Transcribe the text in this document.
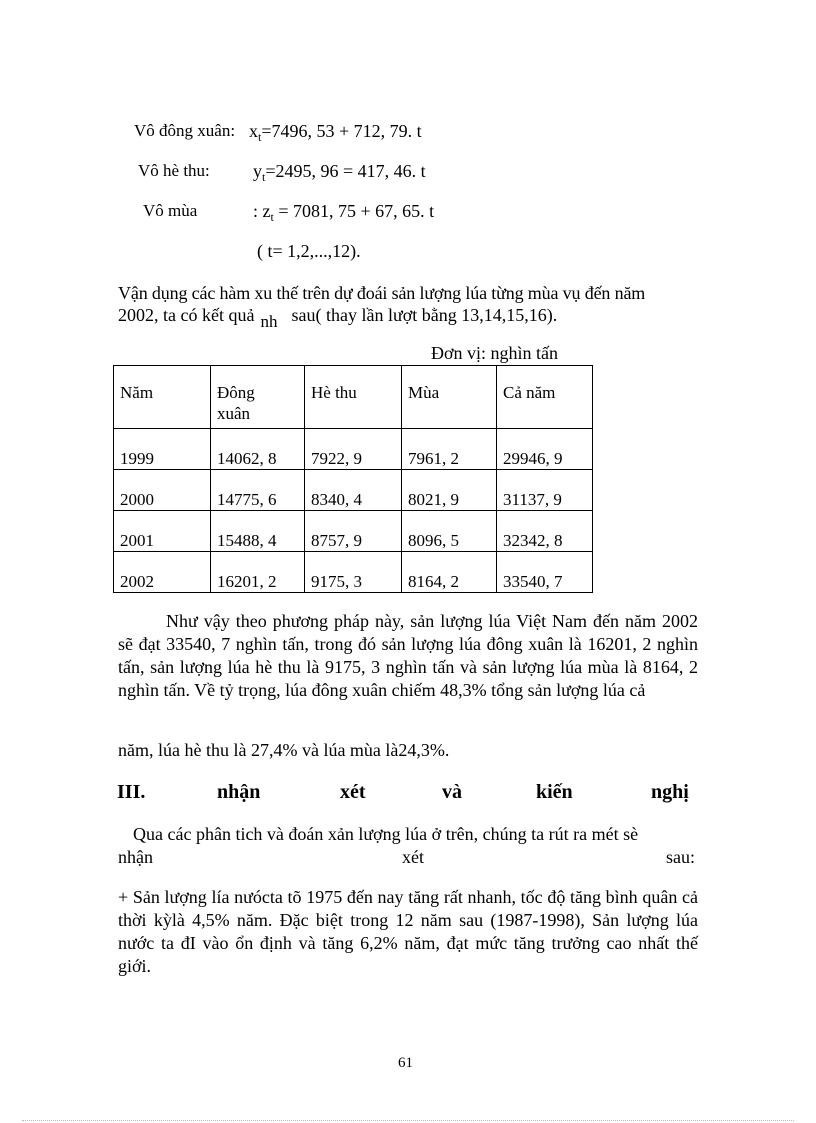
Vô đông xuân: $x_t=7496$, 53 + 712, 79. t
Vô hè thu: $y_t=2495$, 96 = 417, 46. t
Vô mùa	: $z_t = 7081$, 75 + 67, 65. t
( t= 1,2,...,12).
Vận dụng các hàm xu thế trên dự đoái sản lượng lúa từng mùa vụ đến năm
2002, ta có kết quả nh sau( thay lần lượt bằng 13,14,15,16).
Đơn vị: nghìn tấn
Năm	Đông xuân	Hè thu	Mùa	Cả năm
1999	14062, 8	7922, 9	7961, 2	29946, 9
2000	14775, 6	8340, 4	8021, 9	31137, 9
2001	15488, 4	8757, 9	8096, 5	32342, 8
2002	16201, 2	9175, 3	8164, 2	33540, 7
Như vậy theo phương pháp này, sản lượng lúa Việt Nam đến năm 2002 sẽ đạt 33540, 7 nghìn tấn, trong đó sản lượng lúa đông xuân là 16201, 2 nghìn tấn, sản lượng lúa hè thu là 9175, 3 nghìn tấn và sản lượng lúa mùa là 8164, 2 nghìn tấn. Về tỷ trọng, lúa đông xuân chiếm 48,3% tổng sản lượng lúa cả
năm, lúa hè thu là 27,4% và lúa mùa là24,3%.
III.	nhận	xét	và	kiến	nghị
Qua các phân tich và đoán xản lượng lúa ở trên, chúng ta rút ra mét sè
nhận	xét	sau:
+ Sản lượng lía nưócta tõ 1975 đến nay tăng rất nhanh, tốc độ tăng bình quân cả thời kỳlà 4,5% năm. Đặc biệt trong 12 năm sau (1987-1998), Sản lượng lúa nước ta đI vào ổn định và tăng 6,2% năm, đạt mức tăng trưởng cao nhất thế giới.
61
